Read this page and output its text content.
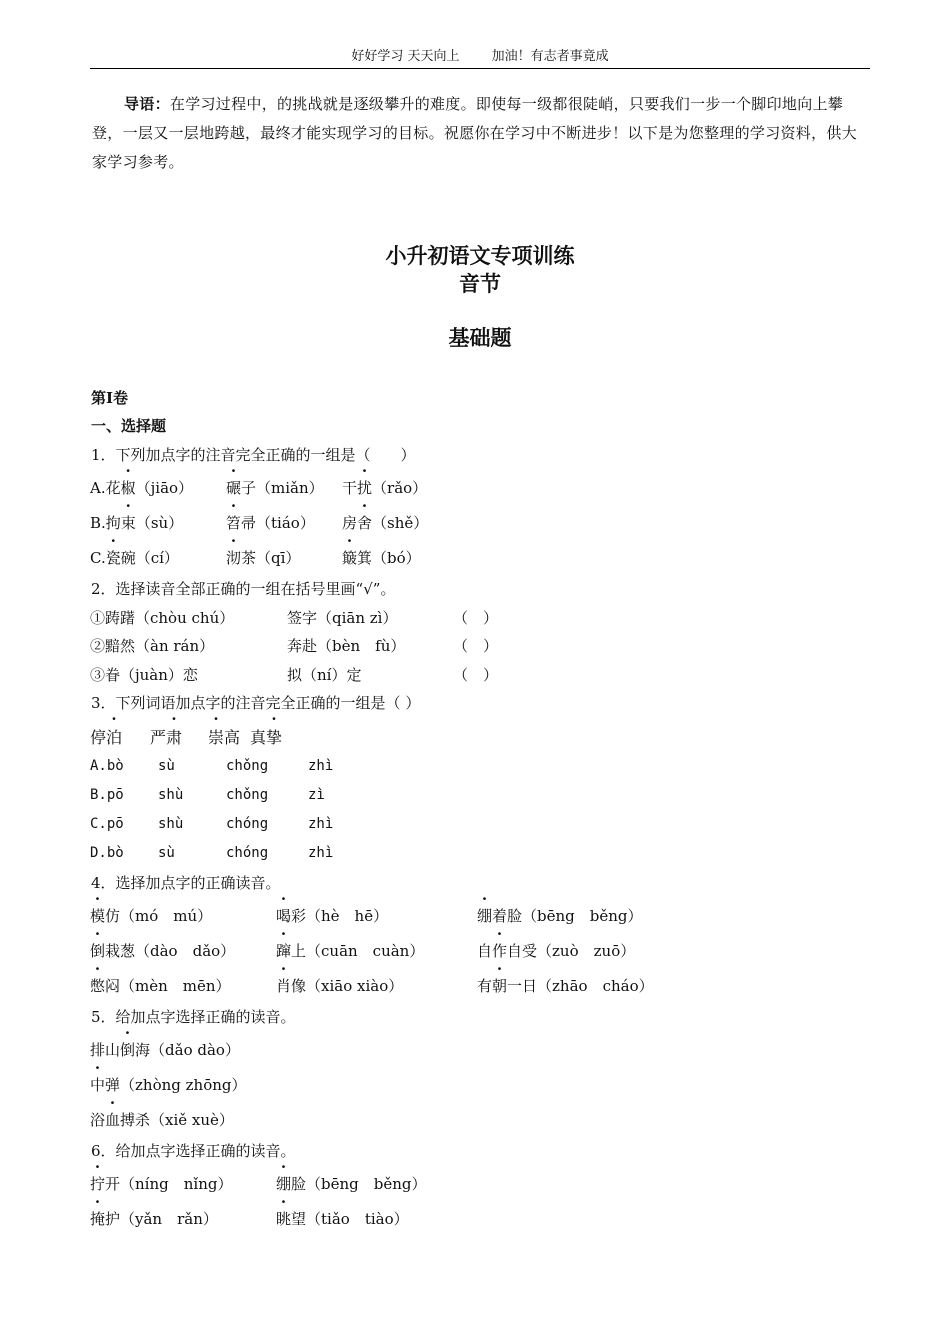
好好学习 天天向上 加油！有志者事竟成
导语：在学习过程中，的挑战就是逐级攀升的难度。即使每一级都很陡峭，只要我们一步一个脚印地向上攀登，一层又一层地跨越，最终才能实现学习的目标。祝愿你在学习中不断进步！以下是为您整理的学习资料，供大家学习参考。
小升初语文专项训练
音节
基础题
第Ⅰ卷
一、选择题
1．下列加点字的注音完全正确的一组是（　　）
A.花椒（jiāo） 碾子（miǎn） 干扰（rǎo）
B.拘束（sù）	笤帚（tiáo） 房舍（shě）
C.瓷碗（cí）	沏茶（qī）	簸箕（bó）
2．选择读音全部正确的一组在括号里画“√”。
①踌躇（chòu chú）	签字（qiān zì）	（　）
②黯然（àn rán）	奔赴（bèn　fù）	（　）
③眷（juàn）恋	拟（ní）定	（　）
3．下列词语加点字的注音完全正确的一组是（ ）
停泊 严肃 崇高 真挚
A.bò sù	chǒng	zhì
B.pō shù	chǒng	zì
C.pō shù	chóng	zhì
D.bò sù	chóng	zhì
4．选择加点字的正确读音。
模仿（mó　mú）	喝彩（hè　hē）	绷着脸（bēng　běng）
倒栽葱（dào　dǎo）	蹿上（cuān　cuàn）	自作自受（zuò　zuō）
憋闷（mèn　mēn）	肖像（xiāo xiào）	有朝一日（zhāo　cháo）
5．给加点字选择正确的读音。
排山倒海（dǎo dào）
中弹（zhòng zhōng）
浴血搏杀（xiě xuè）
6．给加点字选择正确的读音。
拧开（níng　nǐng）	绷脸（bēng　běng）
掩护（yǎn　rǎn）	眺望（tiǎo　tiào）
